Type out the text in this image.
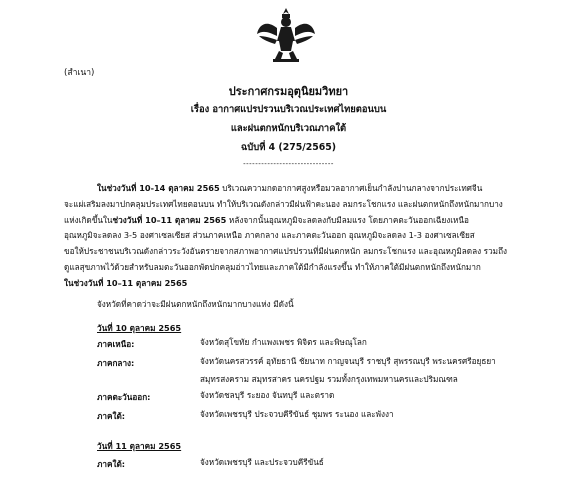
(สำเนา)
ประกาศกรมอุตุนิยมวิทยา
เรื่อง อากาศแปรปรวนบริเวณประเทศไทยตอนบน
และฝนตกหนักบริเวณภาคใต้
ฉบับที่ 4 (275/2565)
------------------------------
ในช่วงวันที่ 10-14 ตุลาคม 2565 บริเวณความกดอากาศสูงหรือมวลอากาศเย็นกำลังปานกลางจากประเทศจีน
จะแผ่เสริมลงมาปกคลุมประเทศไทยตอนบน ทำให้บริเวณดังกล่าวมีฝนฟ้าคะนอง ลมกระโชกแรง และฝนตกหนักถึงหนักมากบาง
แห่งเกิดขึ้นในช่วงวันที่ 10–11 ตุลาคม 2565 หลังจากนั้นอุณหภูมิจะลดลงกับมีลมแรง โดยภาคตะวันออกเฉียงเหนือ
อุณหภูมิจะลดลง 3-5 องศาเซลเซียส ส่วนภาคเหนือ ภาคกลาง และภาคตะวันออก อุณหภูมิจะลดลง 1-3 องศาเซลเซียส
ขอให้ประชาชนบริเวณดังกล่าวระวังอันตรายจากสภาพอากาศแปรปรวนที่มีฝนตกหนัก ลมกระโชกแรง และอุณหภูมิลดลง รวมถึง
ดูแลสุขภาพไว้ด้วยสำหรับลมตะวันออกพัดปกคลุมอ่าวไทยและภาคใต้มีกำลังแรงขึ้น ทำให้ภาคใต้มีฝนตกหนักถึงหนักมาก
ในช่วงวันที่ 10–11 ตุลาคม 2565
จังหวัดที่คาดว่าจะมีฝนตกหนักถึงหนักมากบางแห่ง มีดังนี้
วันที่ 10 ตุลาคม 2565
ภาคเหนือ:	จังหวัดสุโขทัย กำแพงเพชร พิจิตร และพิษณุโลก
ภาคกลาง:	จังหวัดนครสวรรค์ อุทัยธานี ชัยนาท กาญจนบุรี ราชบุรี สุพรรณบุรี พระนครศรีอยุธยา
สมุทรสงคราม สมุทรสาคร นครปฐม รวมทั้งกรุงเทพมหานครและปริมณฑล
ภาคตะวันออก:	จังหวัดชลบุรี ระยอง จันทบุรี และตราด
ภาคใต้:	จังหวัดเพชรบุรี ประจวบคีรีขันธ์ ชุมพร ระนอง และพังงา
วันที่ 11 ตุลาคม 2565
ภาคใต้:	จังหวัดเพชรบุรี และประจวบคีรีขันธ์
